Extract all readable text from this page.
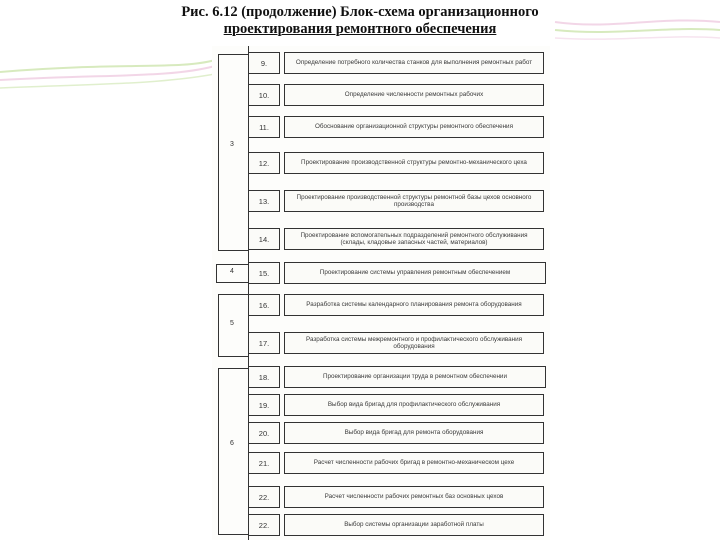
Рис. 6.12 (продолжение) Блок-схема организационного
проектирования ремонтного обеспечения
3
4
5
6
9.	Определение потребного количества станков для выполнения ремонтных работ
10.	Определение численности ремонтных рабочих
11.	Обоснование организационной структуры ремонтного обеспечения
12.	Проектирование производственной структуры ремонтно-механического цеха
13.	Проектирование производственной структуры ремонтной базы цехов основного производства
14.	Проектирование вспомогательных подразделений ремонтного обслуживания (склады, кладовые запасных частей, материалов)
15.	Проектирование системы управления ремонтным обеспечением
16.	Разработка системы календарного планирования ремонта оборудования
17.	Разработка системы межремонтного и профилактического обслуживания оборудования
18.	Проектирование организации труда в ремонтном обеспечении
19.	Выбор вида бригад для профилактического обслуживания
20.	Выбор вида бригад для ремонта оборудования
21.	Расчет численности рабочих бригад в ремонтно-механическом цехе
22.	Расчет численности рабочих ремонтных баз основных цехов
22.	Выбор системы организации заработной платы
